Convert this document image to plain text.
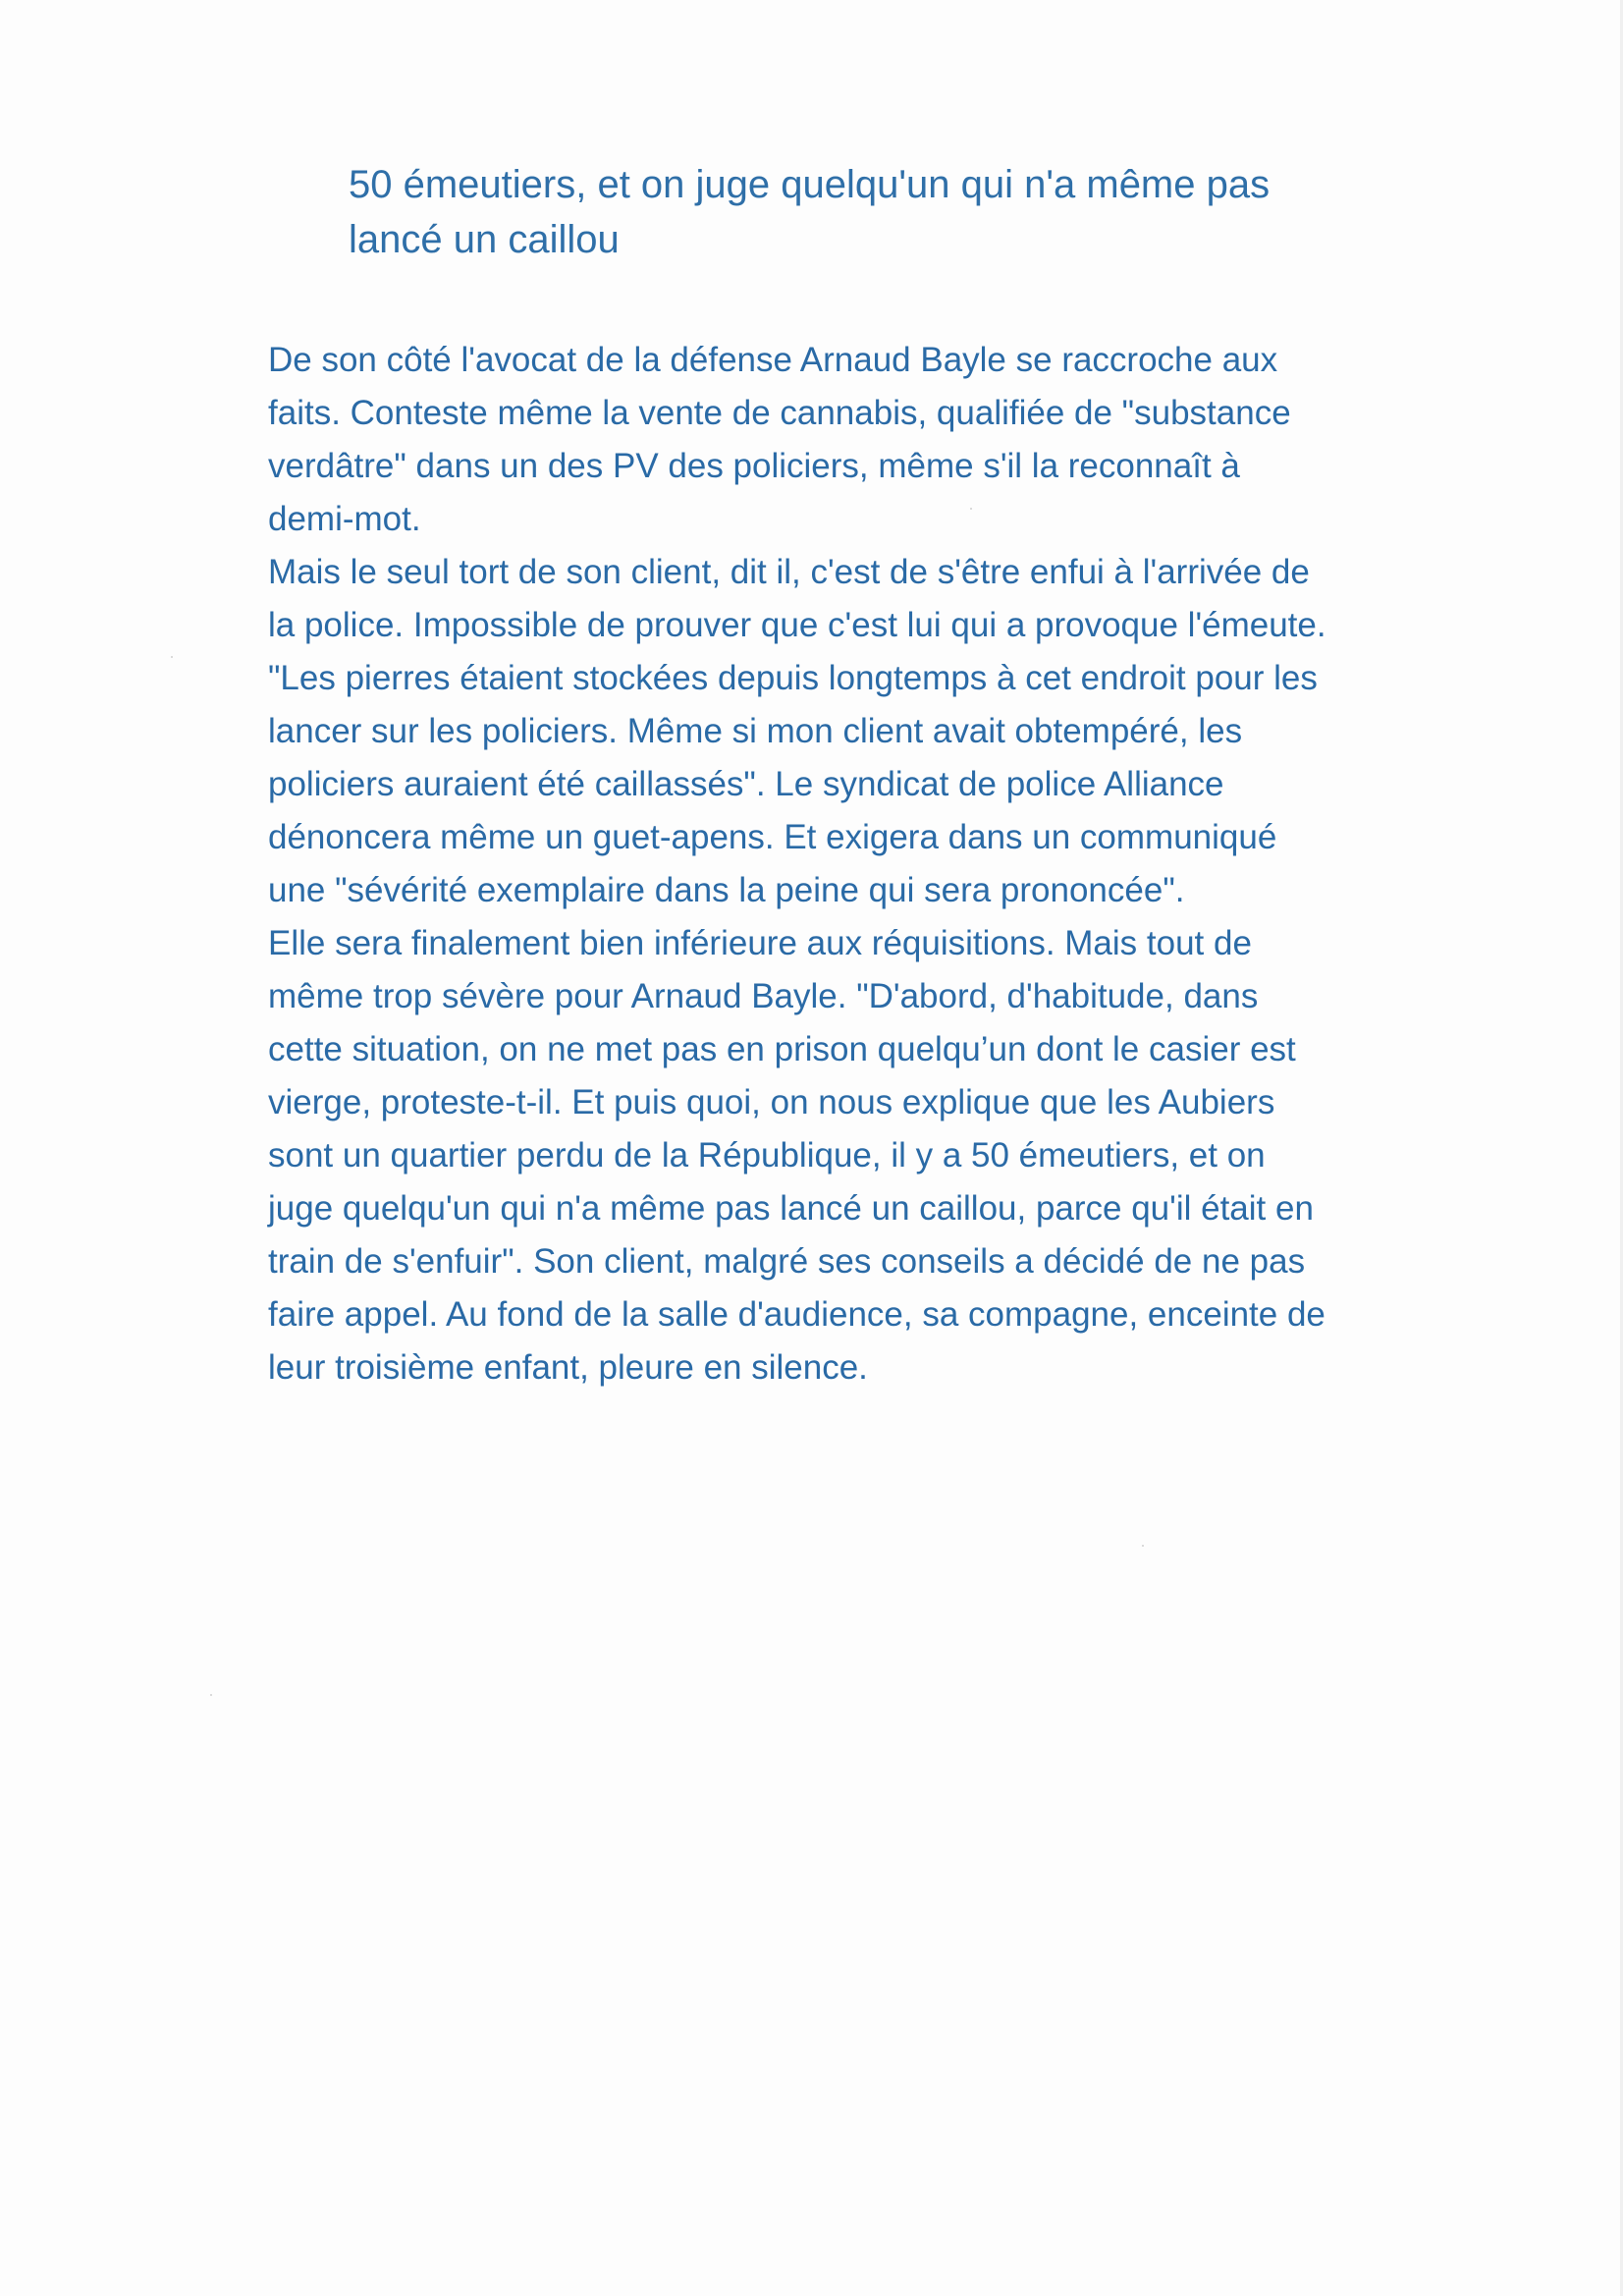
50 émeutiers, et on juge quelqu'un qui n'a même pas lancé un caillou

De son côté l'avocat de la défense Arnaud Bayle se raccroche aux faits. Conteste même la vente de cannabis, qualifiée de "substance verdâtre" dans un des PV des policiers, même s'il la reconnaît à demi-mot.

Mais le seul tort de son client, dit il, c'est de s'être enfui à l'arrivée de la police. Impossible de prouver que c'est lui qui a provoque l'émeute. "Les pierres étaient stockées depuis longtemps à cet endroit pour les lancer sur les policiers. Même si mon client avait obtempéré, les policiers auraient été caillassés". Le syndicat de police Alliance dénoncera même un guet-apens. Et exigera dans un communiqué une "sévérité exemplaire dans la peine qui sera prononcée".

Elle sera finalement bien inférieure aux réquisitions. Mais tout de même trop sévère pour Arnaud Bayle. "D'abord, d'habitude, dans cette situation, on ne met pas en prison quelqu’un dont le casier est vierge, proteste-t-il. Et puis quoi, on nous explique que les Aubiers sont un quartier perdu de la République, il y a 50 émeutiers, et on juge quelqu'un qui n'a même pas lancé un caillou, parce qu'il était en train de s'enfuir". Son client, malgré ses conseils a décidé de ne pas faire appel. Au fond de la salle d'audience, sa compagne, enceinte de leur troisième enfant, pleure en silence.
